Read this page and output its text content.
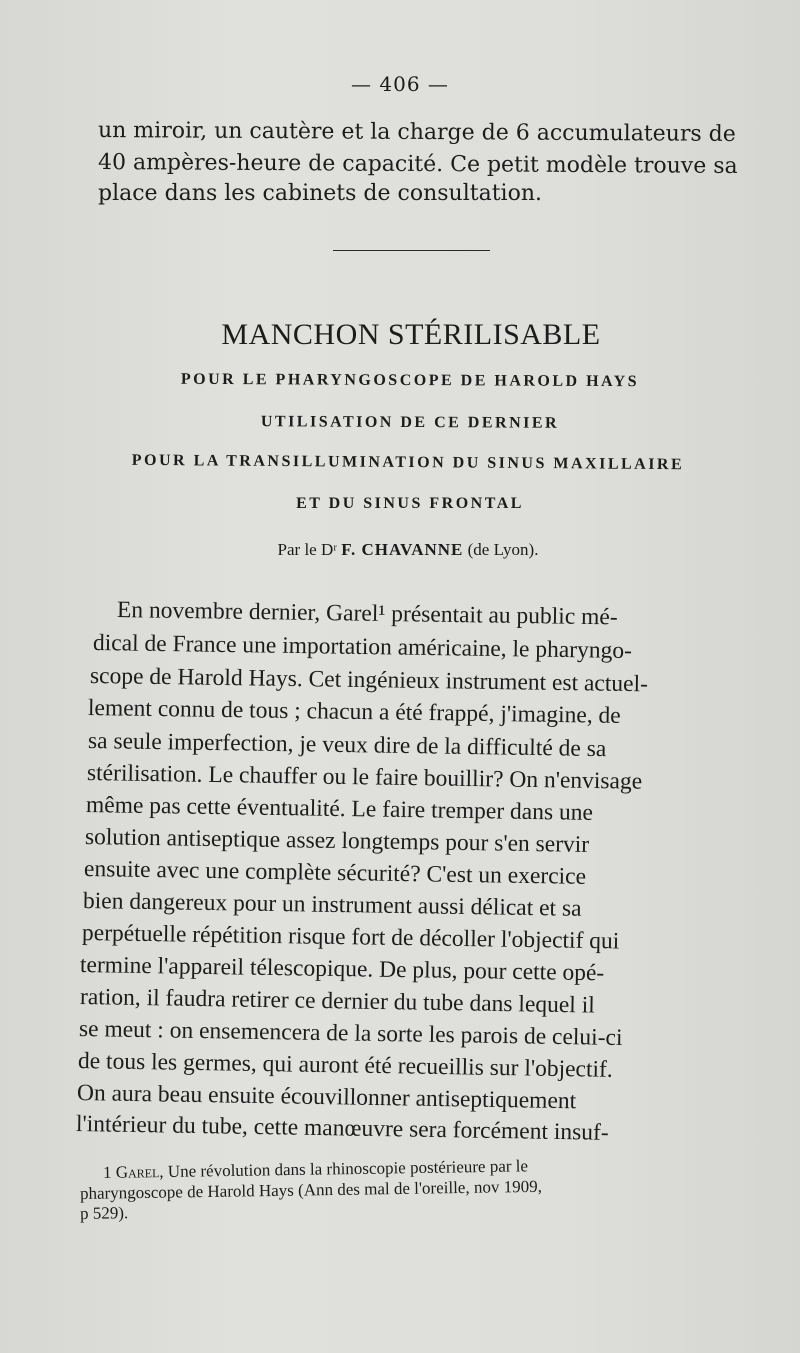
— 406 —
un miroir, un cautère et la charge de 6 accumulateurs de
40 ampères-heure de capacité. Ce petit modèle trouve sa
place dans les cabinets de consultation.
MANCHON STÉRILISABLE
POUR LE PHARYNGOSCOPE DE HAROLD HAYS
UTILISATION DE CE DERNIER
POUR LA TRANSILLUMINATION DU SINUS MAXILLAIRE
ET DU SINUS FRONTAL
Par le Dʳ F. CHAVANNE (de Lyon).
En novembre dernier, Garel¹ présentait au public mé-
dical de France une importation américaine, le pharyngo-
scope de Harold Hays. Cet ingénieux instrument est actuel-
lement connu de tous ; chacun a été frappé, j'imagine, de
sa seule imperfection, je veux dire de la difficulté de sa
stérilisation. Le chauffer ou le faire bouillir? On n'envisage
même pas cette éventualité. Le faire tremper dans une
solution antiseptique assez longtemps pour s'en servir
ensuite avec une complète sécurité? C'est un exercice
bien dangereux pour un instrument aussi délicat et sa
perpétuelle répétition risque fort de décoller l'objectif qui
termine l'appareil télescopique. De plus, pour cette opé-
ration, il faudra retirer ce dernier du tube dans lequel il
se meut : on ensemencera de la sorte les parois de celui-ci
de tous les germes, qui auront été recueillis sur l'objectif.
On aura beau ensuite écouvillonner antiseptiquement
l'intérieur du tube, cette manœuvre sera forcément insuf-
1 Garel, Une révolution dans la rhinoscopie postérieure par le
pharyngoscope de Harold Hays (Ann des mal de l'oreille, nov 1909,
p 529).
